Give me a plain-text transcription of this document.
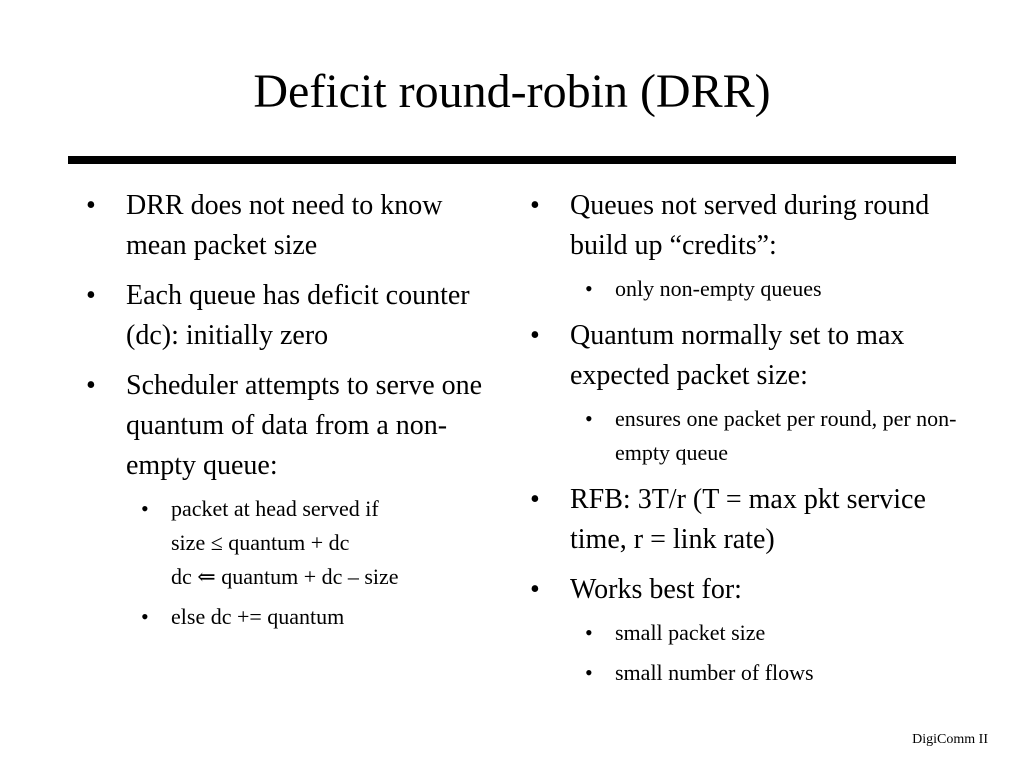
Deficit round-robin (DRR)
• DRR does not need to know mean packet size
• Each queue has deficit counter (dc): initially zero
• Scheduler attempts to serve one quantum of data from a non-empty queue:
• packet at head served if
size ≤ quantum + dc
dc ⇐ quantum + dc – size
• else dc += quantum
• Queues not served during round build up “credits”:
• only non-empty queues
• Quantum normally set to max expected packet size:
• ensures one packet per round, per non-empty queue
• RFB: 3T/r (T = max pkt service time, r = link rate)
• Works best for:
• small packet size
• small number of flows
DigiComm II
